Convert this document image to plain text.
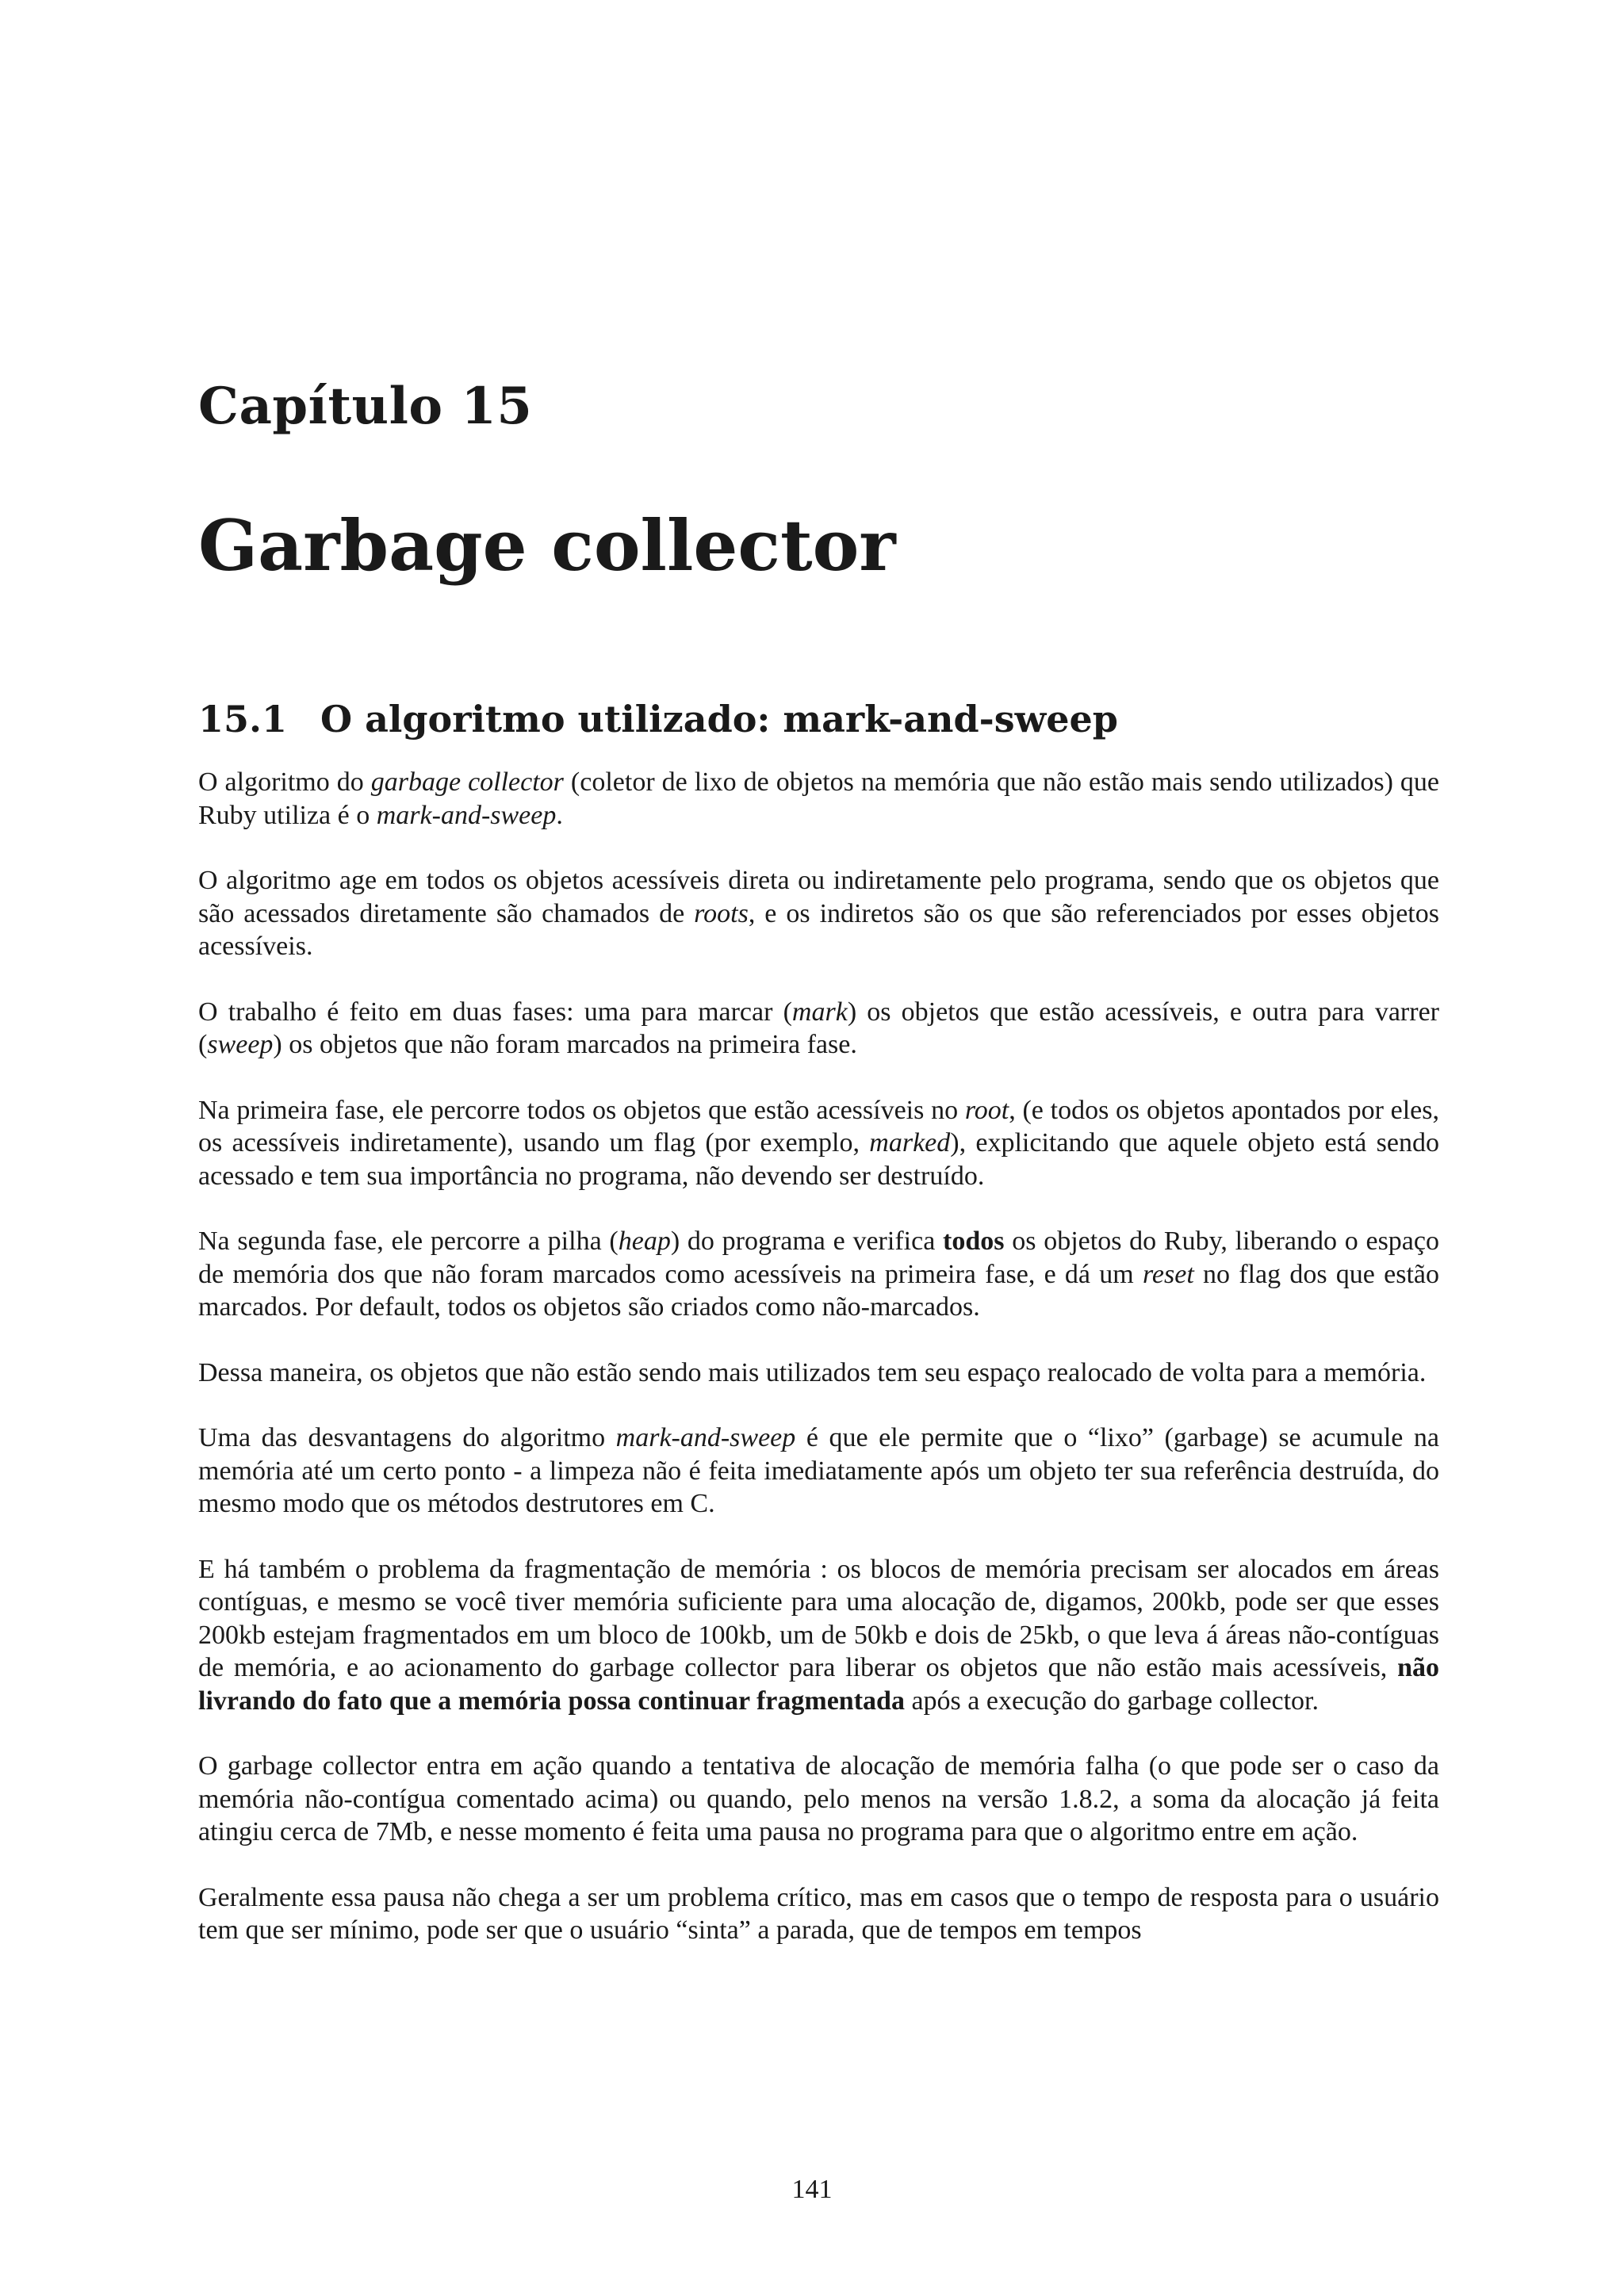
Capítulo 15
Garbage collector
15.1 O algoritmo utilizado: mark-and-sweep

O algoritmo do garbage collector (coletor de lixo de objetos na memória que não estão mais sendo utilizados) que Ruby utiliza é o mark-and-sweep.

O algoritmo age em todos os objetos acessíveis direta ou indiretamente pelo programa, sendo que os objetos que são acessados diretamente são chamados de roots, e os indiretos são os que são referenciados por esses objetos acessíveis.

O trabalho é feito em duas fases: uma para marcar (mark) os objetos que estão acessíveis, e outra para varrer (sweep) os objetos que não foram marcados na primeira fase.

Na primeira fase, ele percorre todos os objetos que estão acessíveis no root, (e todos os objetos apontados por eles, os acessíveis indiretamente), usando um flag (por exemplo, marked), explicitando que aquele objeto está sendo acessado e tem sua importância no programa, não devendo ser destruído.

Na segunda fase, ele percorre a pilha (heap) do programa e verifica todos os objetos do Ruby, liberando o espaço de memória dos que não foram marcados como acessíveis na primeira fase, e dá um reset no flag dos que estão marcados. Por default, todos os objetos são criados como não-marcados.

Dessa maneira, os objetos que não estão sendo mais utilizados tem seu espaço realocado de volta para a memória.

Uma das desvantagens do algoritmo mark-and-sweep é que ele permite que o “lixo” (garbage) se acumule na memória até um certo ponto - a limpeza não é feita imediatamente após um objeto ter sua referência destruída, do mesmo modo que os métodos destrutores em C.

E há também o problema da fragmentação de memória : os blocos de memória precisam ser alocados em áreas contíguas, e mesmo se você tiver memória suficiente para uma alocação de, digamos, 200kb, pode ser que esses 200kb estejam fragmentados em um bloco de 100kb, um de 50kb e dois de 25kb, o que leva á áreas não-contíguas de memória, e ao acionamento do garbage collector para liberar os objetos que não estão mais acessíveis, não livrando do fato que a memória possa continuar fragmentada após a execução do garbage collector.

O garbage collector entra em ação quando a tentativa de alocação de memória falha (o que pode ser o caso da memória não-contígua comentado acima) ou quando, pelo menos na versão 1.8.2, a soma da alocação já feita atingiu cerca de 7Mb, e nesse momento é feita uma pausa no programa para que o algoritmo entre em ação.

Geralmente essa pausa não chega a ser um problema crítico, mas em casos que o tempo de resposta para o usuário tem que ser mínimo, pode ser que o usuário “sinta” a parada, que de tempos em tempos

141
